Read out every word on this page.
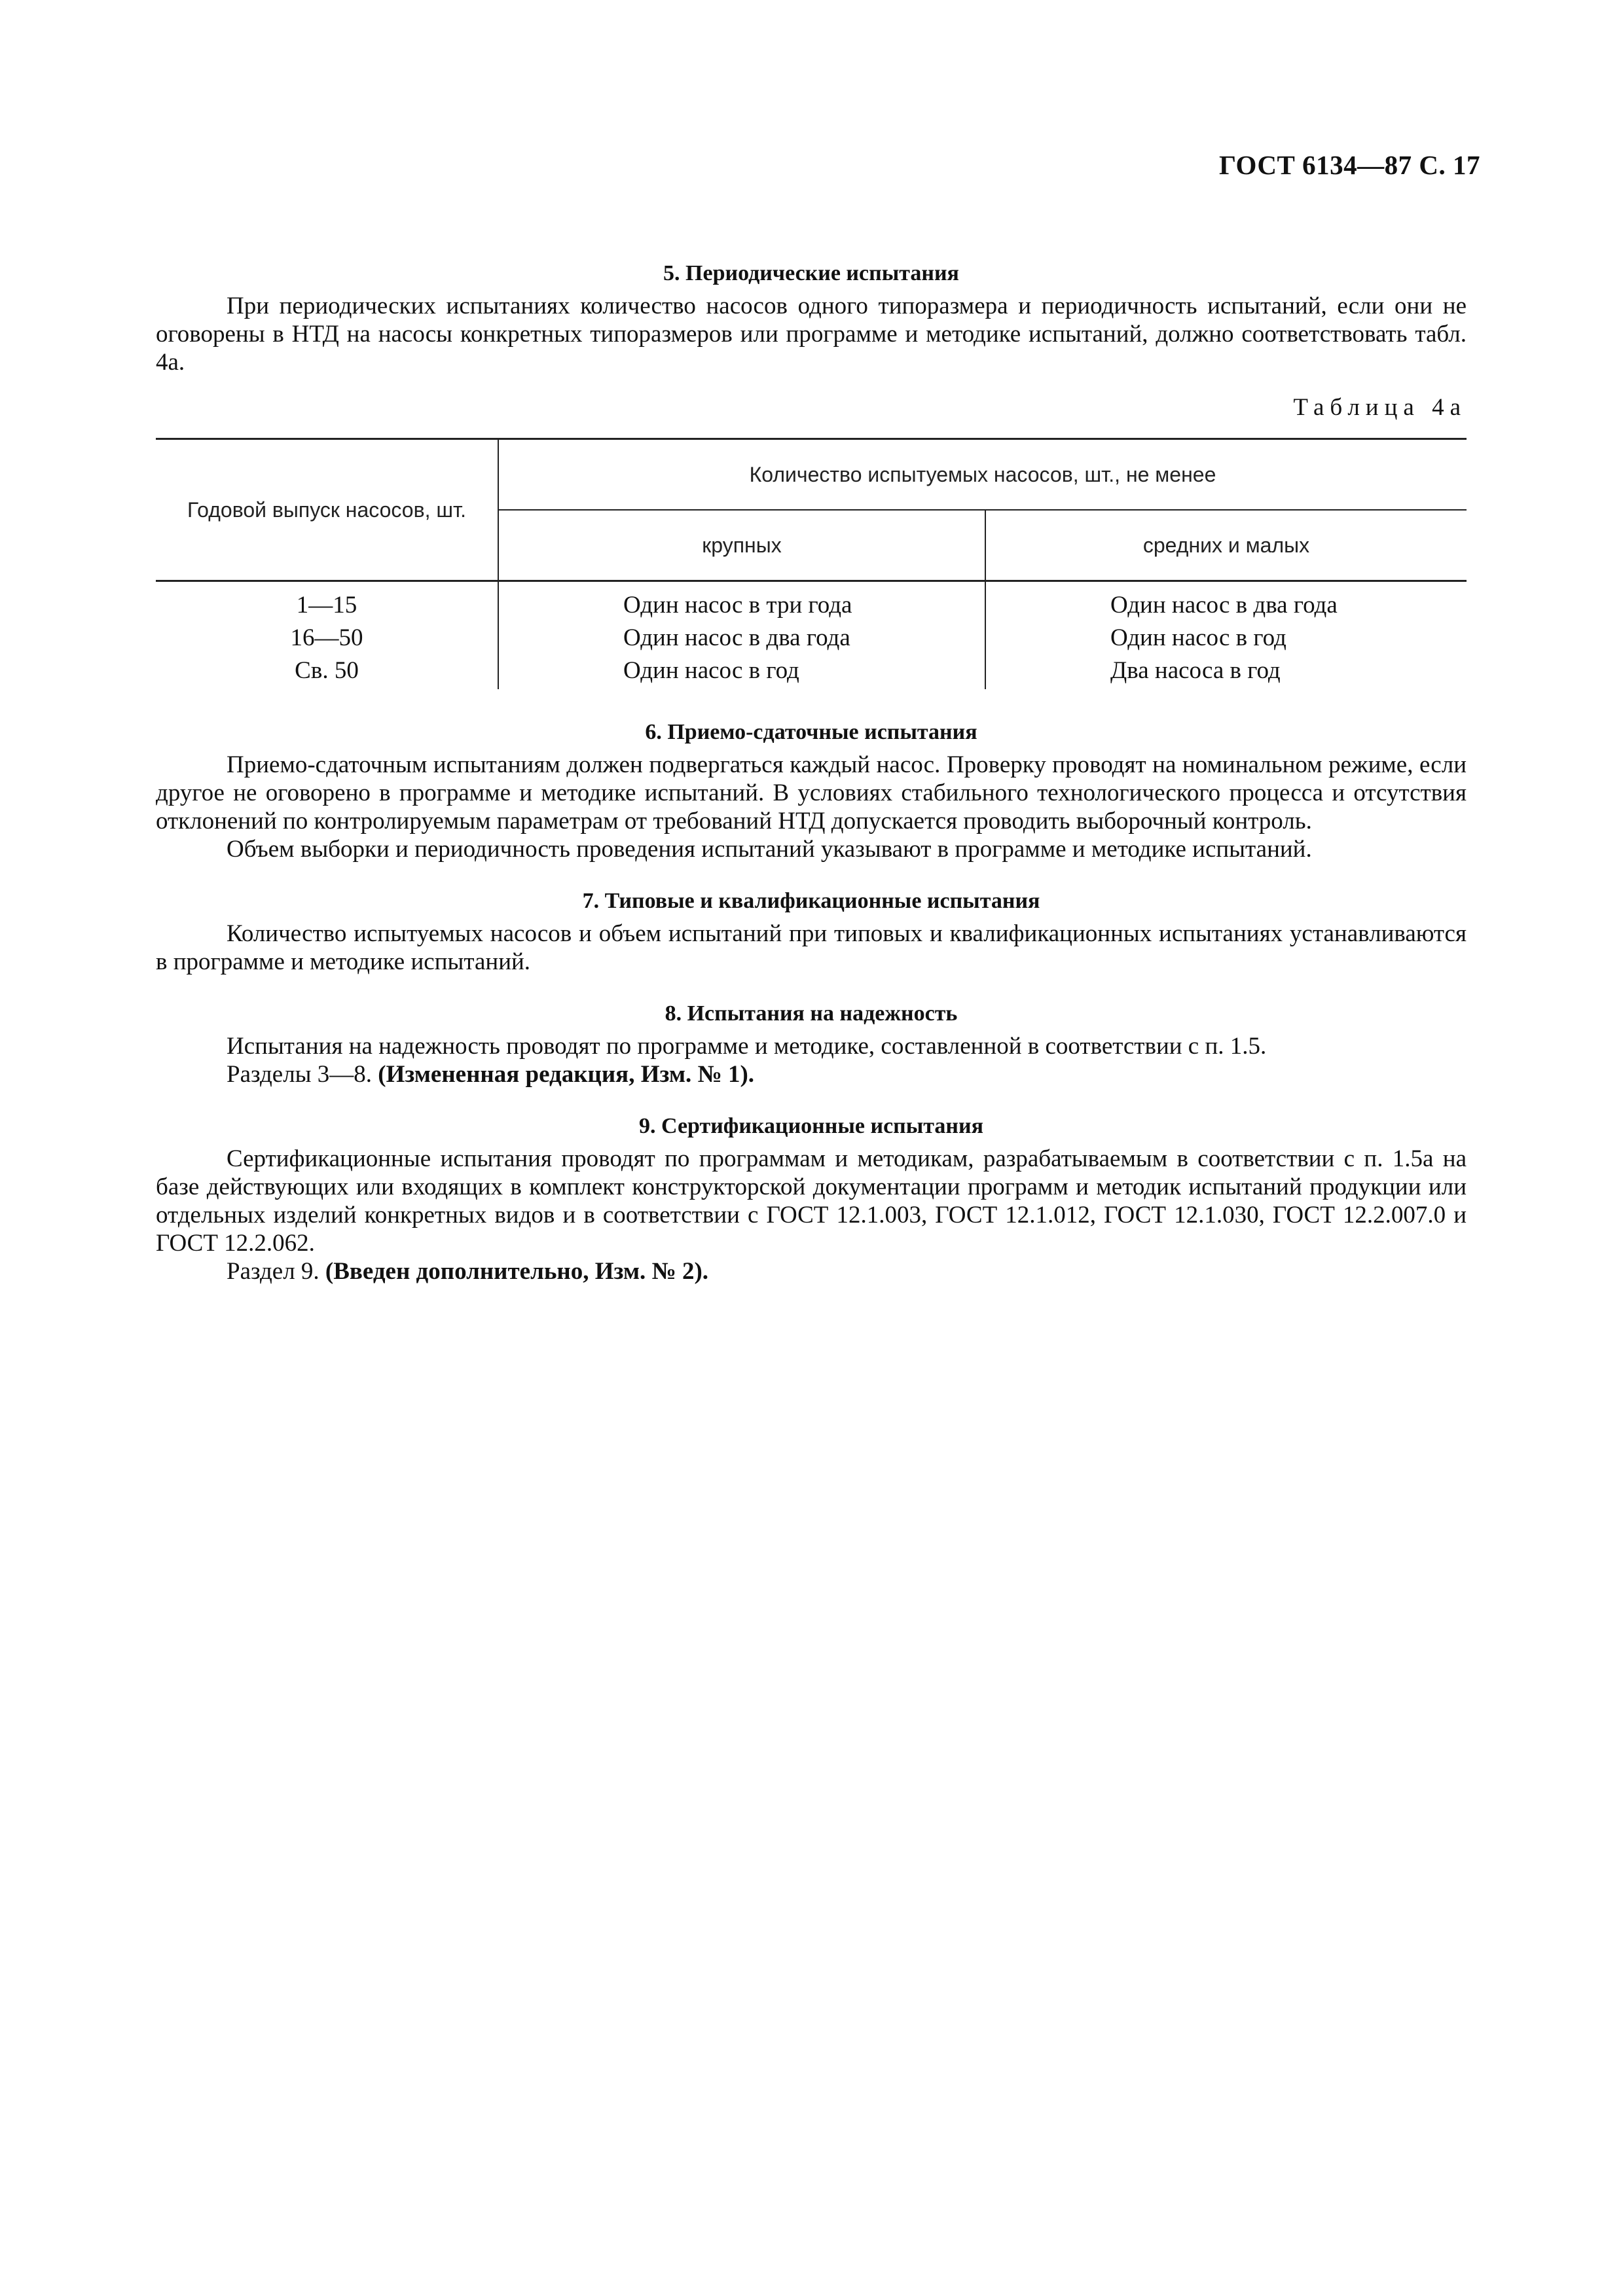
ГОСТ 6134—87 С. 17
5. Периодические испытания

При периодических испытаниях количество насосов одного типоразмера и периодичность испытаний, если они не оговорены в НТД на насосы конкретных типоразмеров или программе и методике испытаний, должно соответствовать табл. 4а.

Таблица 4а
Годовой выпуск насосов, шт.	Количество испытуемых насосов, шт., не менее	
	крупных	средних и малых
1—15	Один насос в три года	Один насос в два года
16—50	Один насос в два года	Один насос в год
Св. 50	Один насос в год	Два насоса в год
6. Приемо-сдаточные испытания

Приемо-сдаточным испытаниям должен подвергаться каждый насос. Проверку проводят на номинальном режиме, если другое не оговорено в программе и методике испытаний. В условиях стабильного технологического процесса и отсутствия отклонений по контролируемым параметрам от требований НТД допускается проводить выборочный контроль.

Объем выборки и периодичность проведения испытаний указывают в программе и методике испытаний.

7. Типовые и квалификационные испытания

Количество испытуемых насосов и объем испытаний при типовых и квалификационных испытаниях устанавливаются в программе и методике испытаний.

8. Испытания на надежность

Испытания на надежность проводят по программе и методике, составленной в соответствии с п. 1.5.

Разделы 3—8. (Измененная редакция, Изм. № 1).

9. Сертификационные испытания

Сертификационные испытания проводят по программам и методикам, разрабатываемым в соответствии с п. 1.5а на базе действующих или входящих в комплект конструкторской документации программ и методик испытаний продукции или отдельных изделий конкретных видов и в соответствии с ГОСТ 12.1.003, ГОСТ 12.1.012, ГОСТ 12.1.030, ГОСТ 12.2.007.0 и ГОСТ 12.2.062.

Раздел 9. (Введен дополнительно, Изм. № 2).
